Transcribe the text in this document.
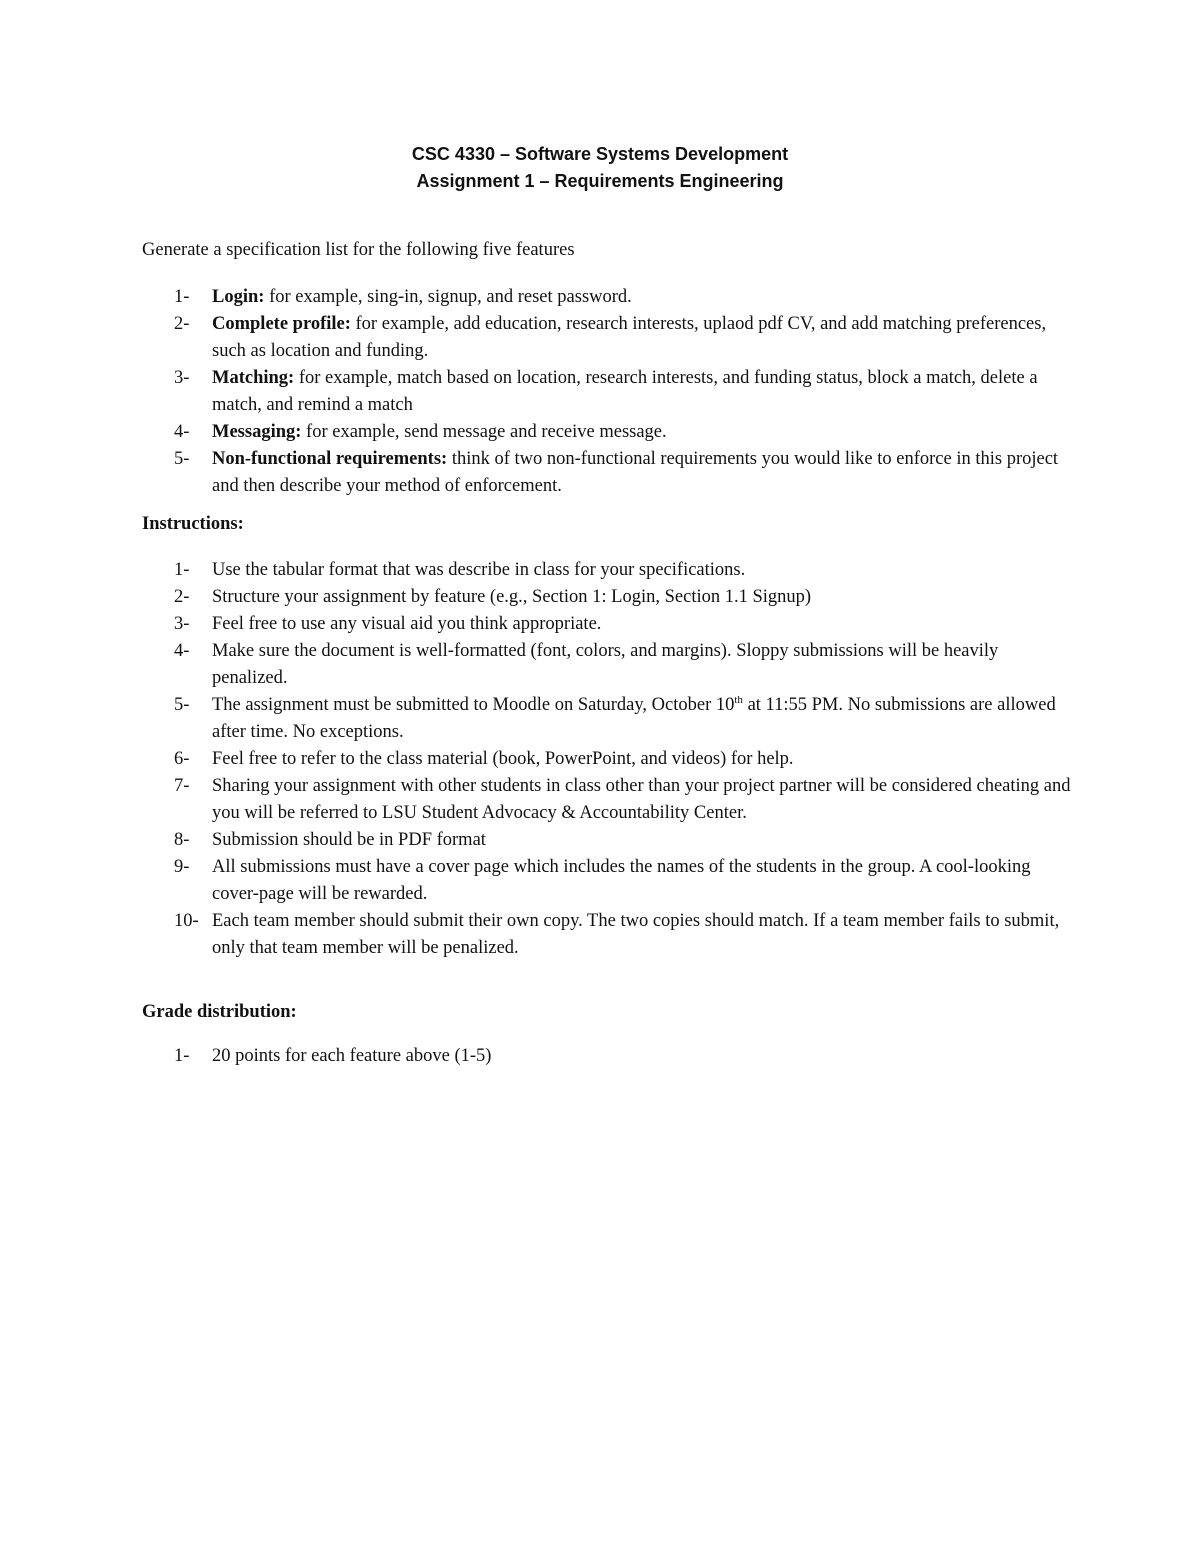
CSC 4330 – Software Systems Development
Assignment 1 – Requirements Engineering
Generate a specification list for the following five features
1- Login: for example, sing-in, signup, and reset password.
2- Complete profile: for example, add education, research interests, uplaod pdf CV, and add matching preferences, such as location and funding.
3- Matching: for example, match based on location, research interests, and funding status, block a match, delete a match, and remind a match
4- Messaging: for example, send message and receive message.
5- Non-functional requirements: think of two non-functional requirements you would like to enforce in this project and then describe your method of enforcement.
Instructions:
1- Use the tabular format that was describe in class for your specifications.
2- Structure your assignment by feature (e.g., Section 1: Login, Section 1.1 Signup)
3- Feel free to use any visual aid you think appropriate.
4- Make sure the document is well-formatted (font, colors, and margins). Sloppy submissions will be heavily penalized.
5- The assignment must be submitted to Moodle on Saturday, October 10th at 11:55 PM. No submissions are allowed after time. No exceptions.
6- Feel free to refer to the class material (book, PowerPoint, and videos) for help.
7- Sharing your assignment with other students in class other than your project partner will be considered cheating and you will be referred to LSU Student Advocacy & Accountability Center.
8- Submission should be in PDF format
9- All submissions must have a cover page which includes the names of the students in the group. A cool-looking cover-page will be rewarded.
10- Each team member should submit their own copy. The two copies should match. If a team member fails to submit, only that team member will be penalized.
Grade distribution:
1- 20 points for each feature above (1-5)
